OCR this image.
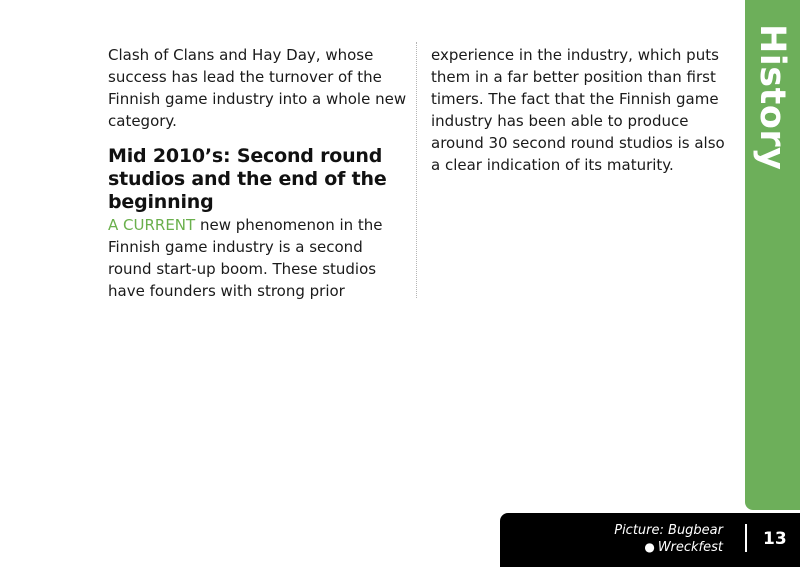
Clash of Clans and Hay Day, whose success has lead the turnover of the Finnish game industry into a whole new category.

Mid 2010’s: Second round studios and the end of the beginning

A CURRENT new phenomenon in the Finnish game industry is a second round start-up boom. These studios have founders with strong prior

experience in the industry, which puts them in a far better position than first timers. The fact that the Finnish game industry has been able to produce around 30 second round studios is also a clear indication of its maturity.	History
Picture: Bugbear
● Wreckfest 13
